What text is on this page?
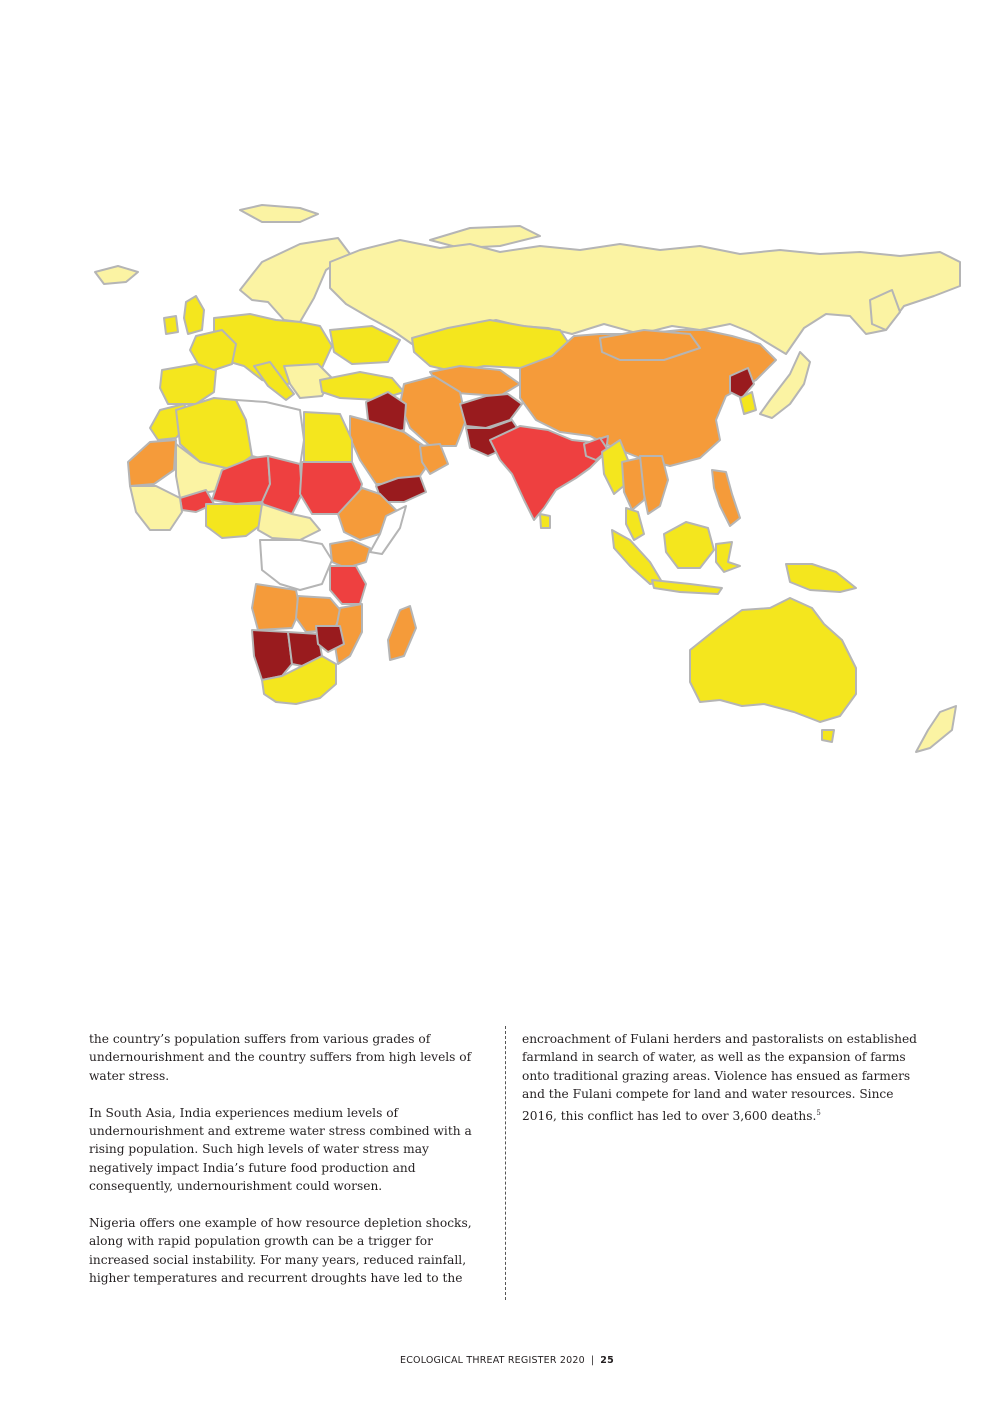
the country’s population suffers from various grades of undernourishment and the country suffers from high levels of water stress.

In South Asia, India experiences medium levels of undernourishment and extreme water stress combined with a rising population. Such high levels of water stress may negatively impact India’s future food production and consequently, undernourishment could worsen.

Nigeria offers one example of how resource depletion shocks, along with rapid population growth can be a trigger for increased social instability. For many years, reduced rainfall, higher temperatures and recurrent droughts have led to the

encroachment of Fulani herders and pastoralists on established farmland in search of water, as well as the expansion of farms onto traditional grazing areas. Violence has ensued as farmers and the Fulani compete for land and water resources. Since 2016, this conflict has led to over 3,600 deaths.$^5$

ECOLOGICAL THREAT REGISTER 2020 | 25
